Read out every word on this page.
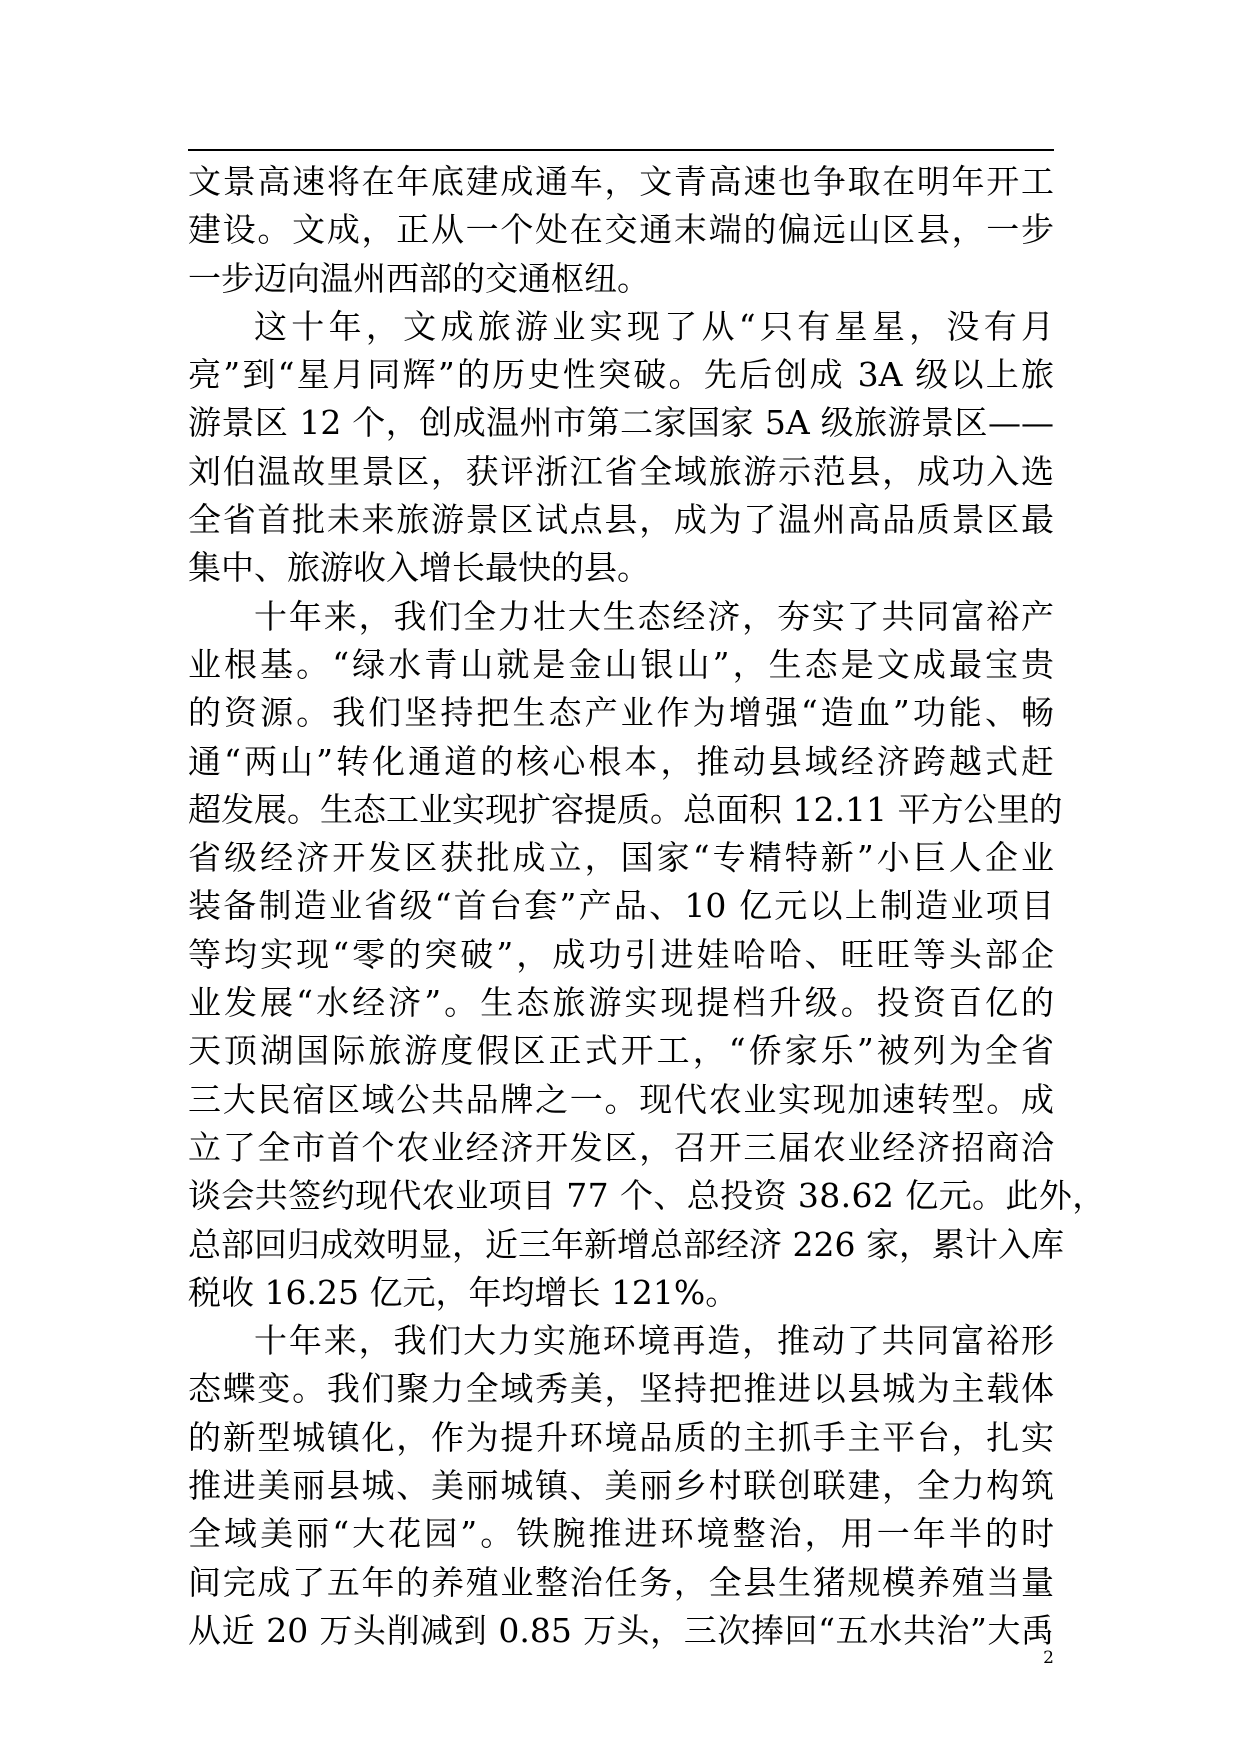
文景高速将在年底建成通车，文青高速也争取在明年开工
建设。文成，正从一个处在交通末端的偏远山区县，一步
一步迈向温州西部的交通枢纽。
这十年，文成旅游业实现了从“只有星星，没有月
亮”到“星月同辉”的历史性突破。先后创成 3A 级以上旅
游景区 12 个，创成温州市第二家国家 5A 级旅游景区——
刘伯温故里景区，获评浙江省全域旅游示范县，成功入选
全省首批未来旅游景区试点县，成为了温州高品质景区最
集中、旅游收入增长最快的县。
十年来，我们全力壮大生态经济，夯实了共同富裕产
业根基。“绿水青山就是金山银山”，生态是文成最宝贵
的资源。我们坚持把生态产业作为增强“造血”功能、畅
通“两山”转化通道的核心根本，推动县域经济跨越式赶
超发展。生态工业实现扩容提质。总面积 12.11 平方公里的
省级经济开发区获批成立，国家“专精特新”小巨人企业
装备制造业省级“首台套”产品、10 亿元以上制造业项目
等均实现“零的突破”，成功引进娃哈哈、旺旺等头部企
业发展“水经济”。生态旅游实现提档升级。投资百亿的
天顶湖国际旅游度假区正式开工，“侨家乐”被列为全省
三大民宿区域公共品牌之一。现代农业实现加速转型。成
立了全市首个农业经济开发区，召开三届农业经济招商洽
谈会共签约现代农业项目 77 个、总投资 38.62 亿元。此外，
总部回归成效明显，近三年新增总部经济 226 家，累计入库
税收 16.25 亿元，年均增长 121%。
十年来，我们大力实施环境再造，推动了共同富裕形
态蝶变。我们聚力全域秀美，坚持把推进以县城为主载体
的新型城镇化，作为提升环境品质的主抓手主平台，扎实
推进美丽县城、美丽城镇、美丽乡村联创联建，全力构筑
全域美丽“大花园”。铁腕推进环境整治，用一年半的时
间完成了五年的养殖业整治任务，全县生猪规模养殖当量
从近 20 万头削减到 0.85 万头，三次捧回“五水共治”大禹
2
